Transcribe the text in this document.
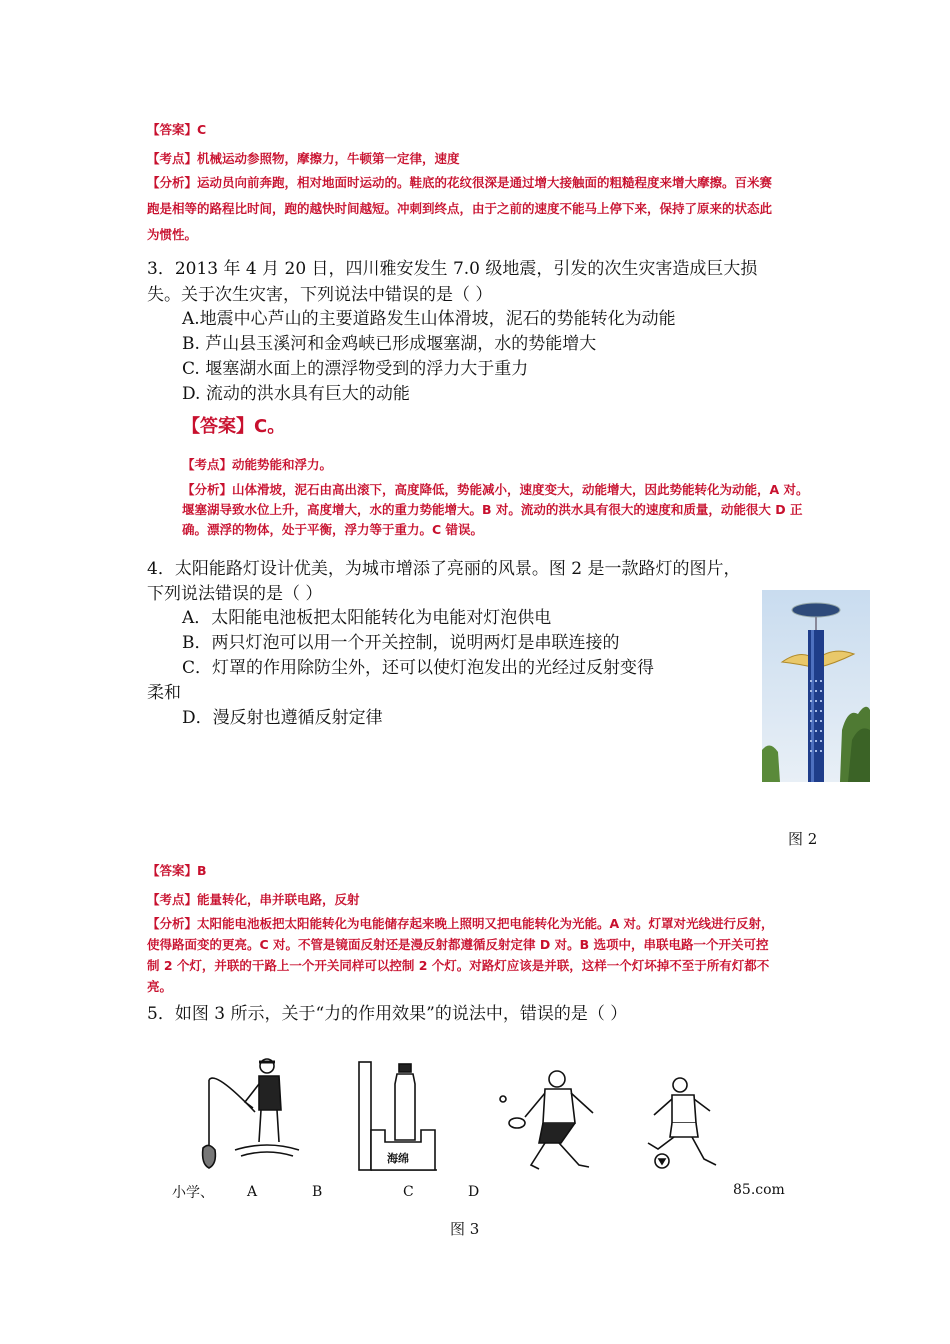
【答案】C
【考点】机械运动参照物，摩擦力，牛顿第一定律，速度
【分析】运动员向前奔跑，相对地面时运动的。鞋底的花纹很深是通过增大接触面的粗糙程度来增大摩擦。百米赛
跑是相等的路程比时间，跑的越快时间越短。冲刺到终点，由于之前的速度不能马上停下来，保持了原来的状态此
为惯性。
3．2013 年 4 月 20 日，四川雅安发生 7.0 级地震，引发的次生灾害造成巨大损
失。关于次生灾害，下列说法中错误的是（ ）
A.地震中心芦山的主要道路发生山体滑坡，泥石的势能转化为动能
B. 芦山县玉溪河和金鸡峡已形成堰塞湖，水的势能增大
C. 堰塞湖水面上的漂浮物受到的浮力大于重力
D. 流动的洪水具有巨大的动能
【答案】C。
【考点】动能势能和浮力。
【分析】山体滑坡，泥石由高出滚下，高度降低，势能减小，速度变大，动能增大，因此势能转化为动能，A 对。
堰塞湖导致水位上升，高度增大，水的重力势能增大。B 对。流动的洪水具有很大的速度和质量，动能很大 D 正
确。漂浮的物体，处于平衡，浮力等于重力。C 错误。
4．太阳能路灯设计优美，为城市增添了亮丽的风景。图 2 是一款路灯的图片，
下列说法错误的是（ ）
A．太阳能电池板把太阳能转化为电能对灯泡供电
B．两只灯泡可以用一个开关控制，说明两灯是串联连接的
C．灯罩的作用除防尘外，还可以使灯泡发出的光经过反射变得
柔和
D．漫反射也遵循反射定律
图 2
【答案】B
【考点】能量转化，串并联电路，反射
【分析】太阳能电池板把太阳能转化为电能储存起来晚上照明又把电能转化为光能。A 对。灯罩对光线进行反射，
使得路面变的更亮。C 对。不管是镜面反射还是漫反射都遵循反射定律 D 对。B 选项中，串联电路一个开关可控
制 2 个灯，并联的干路上一个开关同样可以控制 2 个灯。对路灯应该是并联，这样一个灯坏掉不至于所有灯都不
亮。
5．如图 3 所示，关于“力的作用效果”的说法中，错误的是（ ）
海绵
小学、 A	B	C	D	85.com
图 3
